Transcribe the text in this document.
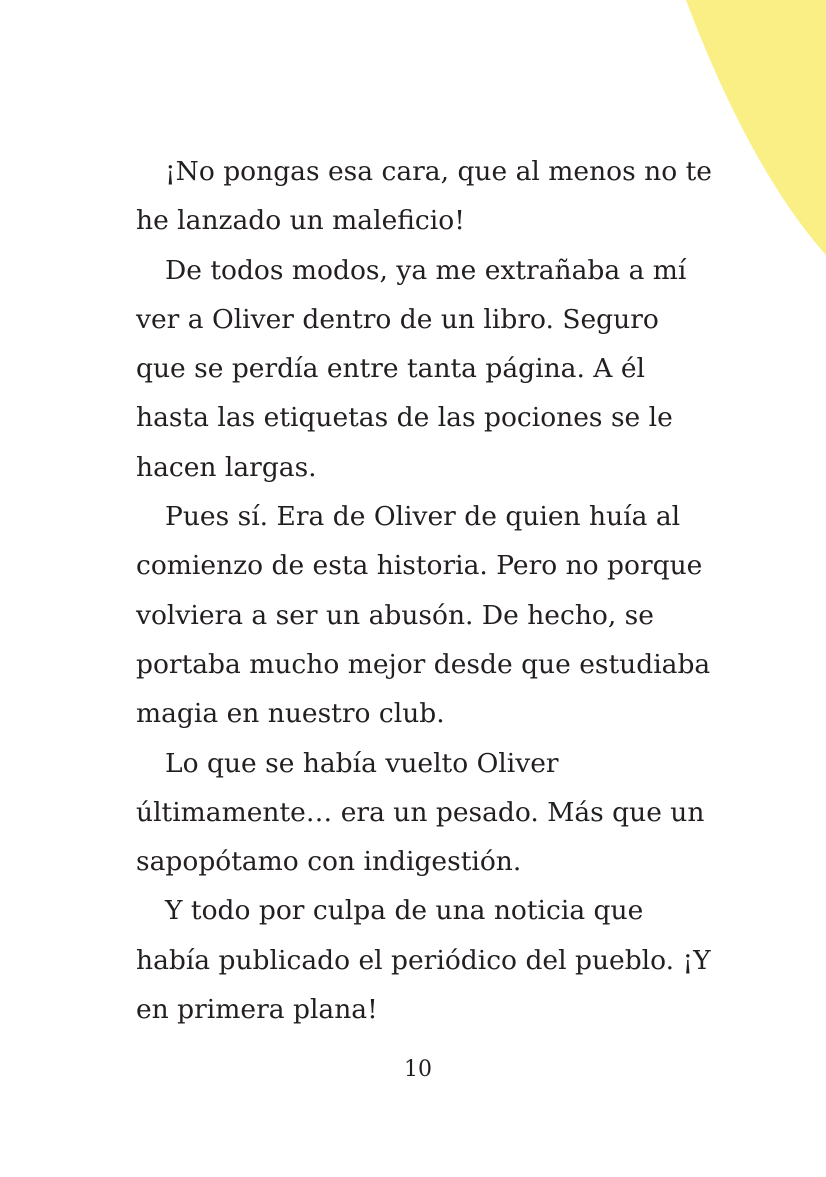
¡No pongas esa cara, que al menos no te he lanzado un maleficio!

De todos modos, ya me extrañaba a mí ver a Oliver dentro de un libro. Seguro que se perdía entre tanta página. A él hasta las etiquetas de las pociones se le hacen largas.

Pues sí. Era de Oliver de quien huía al comienzo de esta historia. Pero no porque volviera a ser un abusón. De hecho, se portaba mucho mejor desde que estudiaba magia en nuestro club.

Lo que se había vuelto Oliver últimamente… era un pesado. Más que un sapopótamo con indigestión.

Y todo por culpa de una noticia que había publicado el periódico del pueblo. ¡Y en primera plana!

10
